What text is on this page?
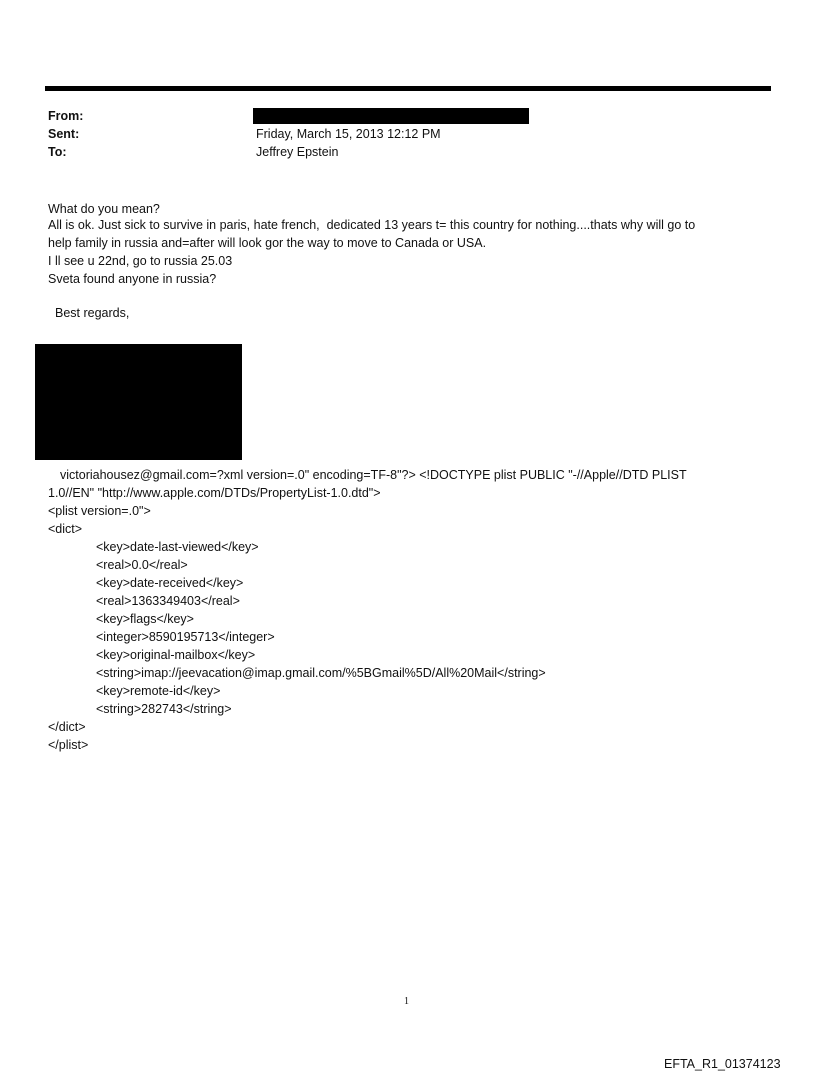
From:
Sent:	Friday, March 15, 2013 12:12 PM
To:	Jeffrey Epstein
What do you mean?
All is ok. Just sick to survive in paris, hate french,  dedicated 13 years t= this country for nothing....thats why will go to
help family in russia and=after will look gor the way to move to Canada or USA.
I ll see u 22nd, go to russia 25.03
Sveta found anyone in russia?
Best regards,
victoriahousez@gmail.com=?xml version=.0" encoding=TF-8"?> <!DOCTYPE plist PUBLIC "-//Apple//DTD PLIST
1.0//EN" "http://www.apple.com/DTDs/PropertyList-1.0.dtd">
<plist version=.0">
<dict>
<key>date-last-viewed</key>
<real>0.0</real>
<key>date-received</key>
<real>1363349403</real>
<key>flags</key>
<integer>8590195713</integer>
<key>original-mailbox</key>
<string>imap://jeevacation@imap.gmail.com/%5BGmail%5D/All%20Mail</string>
<key>remote-id</key>
<string>282743</string>
</dict>
</plist>
1
EFTA_R1_01374123
